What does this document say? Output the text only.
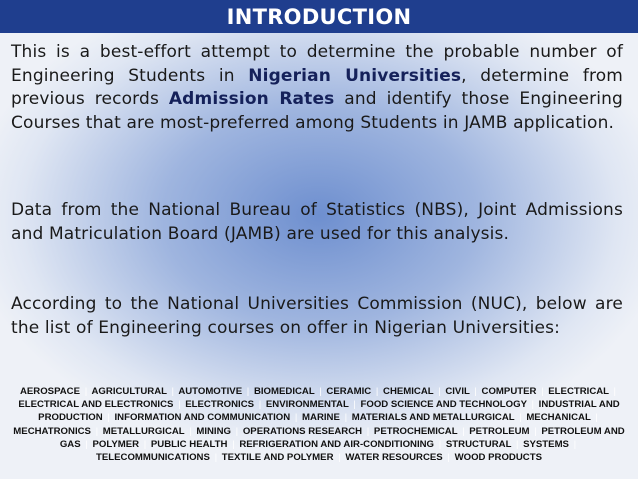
INTRODUCTION
This is a best-effort attempt to determine the probable number of Engineering Students in Nigerian Universities, determine from previous records Admission Rates and identify those Engineering Courses that are most-preferred among Students in JAMB application.
Data from the National Bureau of Statistics (NBS), Joint Admissions and Matriculation Board (JAMB) are used for this analysis.
According to the National Universities Commission (NUC), below are the list of Engineering courses on offer in Nigerian Universities:
AEROSPACE | AGRICULTURAL | AUTOMOTIVE | BIOMEDICAL | CERAMIC | CHEMICAL | CIVIL | COMPUTER | ELECTRICAL | ELECTRICAL AND ELECTRONICS | ELECTRONICS | ENVIRONMENTAL | FOOD SCIENCE AND TECHNOLOGY | INDUSTRIAL AND PRODUCTION | INFORMATION AND COMMUNICATION | MARINE | MATERIALS AND METALLURGICAL | MECHANICAL | MECHATRONICS | METALLURGICAL | MINING | OPERATIONS RESEARCH | PETROCHEMICAL | PETROLEUM | PETROLEUM AND GAS | POLYMER | PUBLIC HEALTH | REFRIGERATION AND AIR-CONDITIONING | STRUCTURAL | SYSTEMS | TELECOMMUNICATIONS | TEXTILE AND POLYMER | WATER RESOURCES | WOOD PRODUCTS
